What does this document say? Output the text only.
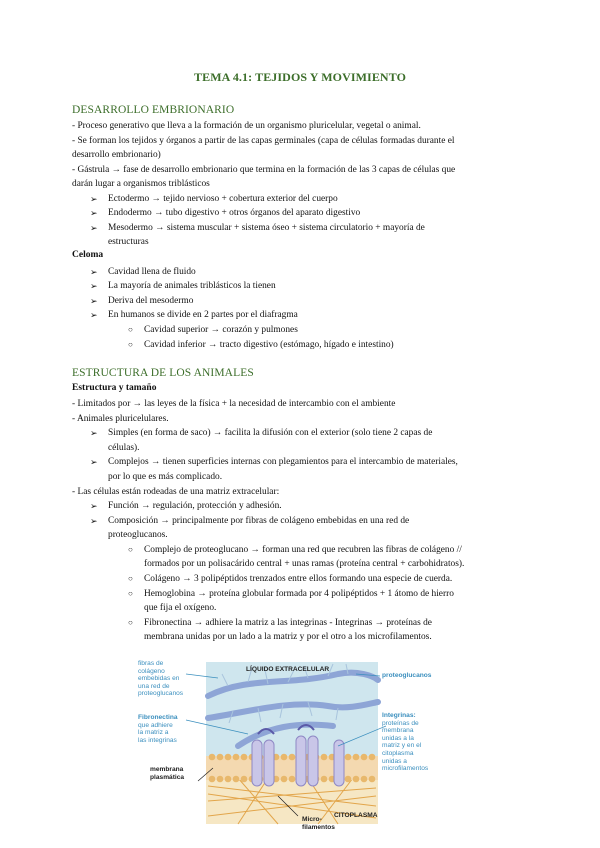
TEMA 4.1: TEJIDOS Y MOVIMIENTO
DESARROLLO EMBRIONARIO
- Proceso generativo que lleva a la formación de un organismo pluricelular, vegetal o animal.
- Se forman los tejidos y órganos a partir de las capas germinales (capa de células formadas durante el
desarrollo embrionario)
- Gástrula → fase de desarrollo embrionario que termina en la formación de las 3 capas de células que
darán lugar a organismos triblásticos
➢	Ectodermo → tejido nervioso + cobertura exterior del cuerpo
➢	Endodermo → tubo digestivo + otros órganos del aparato digestivo
➢	Mesodermo → sistema muscular + sistema óseo + sistema circulatorio + mayoría de
estructuras
Celoma
➢	Cavidad llena de fluido
➢	La mayoría de animales triblásticos la tienen
➢	Deriva del mesodermo
➢	En humanos se divide en 2 partes por el diafragma
○ Cavidad superior → corazón y pulmones
○ Cavidad inferior → tracto digestivo (estómago, hígado e intestino)
ESTRUCTURA DE LOS ANIMALES
Estructura y tamaño
- Limitados por → las leyes de la física + la necesidad de intercambio con el ambiente
- Animales pluricelulares.
➢	Simples (en forma de saco) → facilita la difusión con el exterior (solo tiene 2 capas de
células).
➢	Complejos → tienen superficies internas con plegamientos para el intercambio de materiales,
por lo que es más complicado.
- Las células están rodeadas de una matriz extracelular:
➢	Función → regulación, protección y adhesión.
➢	Composición → principalmente por fibras de colágeno embebidas en una red de
proteoglucanos.
○ Complejo de proteoglucano → forman una red que recubren las fibras de colágeno //
formados por un polisacárido central + unas ramas (proteína central + carbohidratos).
○ Colágeno → 3 polipéptidos trenzados entre ellos formando una especie de cuerda.
○ Hemoglobina → proteína globular formada por 4 polipéptidos + 1 átomo de hierro
que fija el oxígeno.
○ Fibronectina → adhiere la matriz a las integrinas - Integrinas → proteínas de
membrana unidas por un lado a la matriz y por el otro a los microfilamentos.
LÍQUIDO EXTRACELULAR
CITOPLASMA
fibras de
colágeno
embebidas en
una red de
proteoglucanos
Fibronectina
que adhiere
la matriz a
las integrinas
membrana
plasmática
proteoglucanos
Integrinas:
proteínas de
membrana
unidas a la
matriz y en el
citoplasma
unidas a
microfilamentos
Micro-
filamentos
